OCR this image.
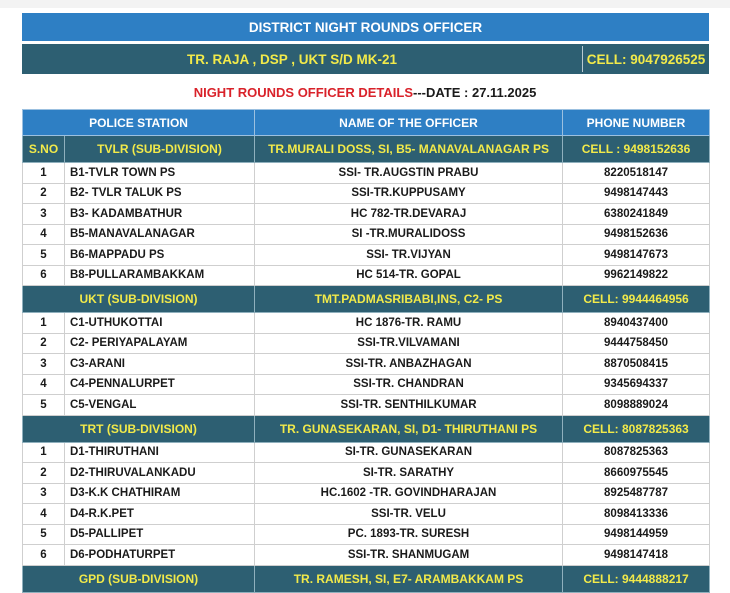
DISTRICT NIGHT ROUNDS OFFICER
TR. RAJA , DSP , UKT S/D MK-21	CELL: 9047926525
NIGHT ROUNDS OFFICER DETAILS---DATE : 27.11.2025
POLICE STATION		NAME OF THE OFFICER	PHONE NUMBER
S.NO	TVLR (SUB-DIVISION)	TR.MURALI DOSS, SI, B5- MANAVALANAGAR PS	CELL : 9498152636
1	B1-TVLR TOWN PS	SSI- TR.AUGSTIN PRABU	8220518147
2	B2- TVLR TALUK PS	SSI-TR.KUPPUSAMY	9498147443
3	B3- KADAMBATHUR	HC 782-TR.DEVARAJ	6380241849
4	B5-MANAVALANAGAR	SI -TR.MURALIDOSS	9498152636
5	B6-MAPPADU PS	SSI- TR.VIJYAN	9498147673
6	B8-PULLARAMBAKKAM	HC 514-TR. GOPAL	9962149822
UKT (SUB-DIVISION)		TMT.PADMASRIBABI,INS, C2- PS	CELL: 9944464956
1	C1-UTHUKOTTAI	HC 1876-TR. RAMU	8940437400
2	C2- PERIYAPALAYAM	SSI-TR.VILVAMANI	9444758450
3	C3-ARANI	SSI-TR. ANBAZHAGAN	8870508415
4	C4-PENNALURPET	SSI-TR. CHANDRAN	9345694337
5	C5-VENGAL	SSI-TR. SENTHILKUMAR	8098889024
TRT (SUB-DIVISION)		TR. GUNASEKARAN, SI, D1- THIRUTHANI PS	CELL: 8087825363
1	D1-THIRUTHANI	SI-TR. GUNASEKARAN	8087825363
2	D2-THIRUVALANKADU	SI-TR. SARATHY	8660975545
3	D3-K.K CHATHIRAM	HC.1602 -TR. GOVINDHARAJAN	8925487787
4	D4-R.K.PET	SSI-TR. VELU	8098413336
5	D5-PALLIPET	PC. 1893-TR. SURESH	9498144959
6	D6-PODHATURPET	SSI-TR. SHANMUGAM	9498147418
GPD (SUB-DIVISION)		TR. RAMESH, SI, E7- ARAMBAKKAM PS	CELL: 9444888217
